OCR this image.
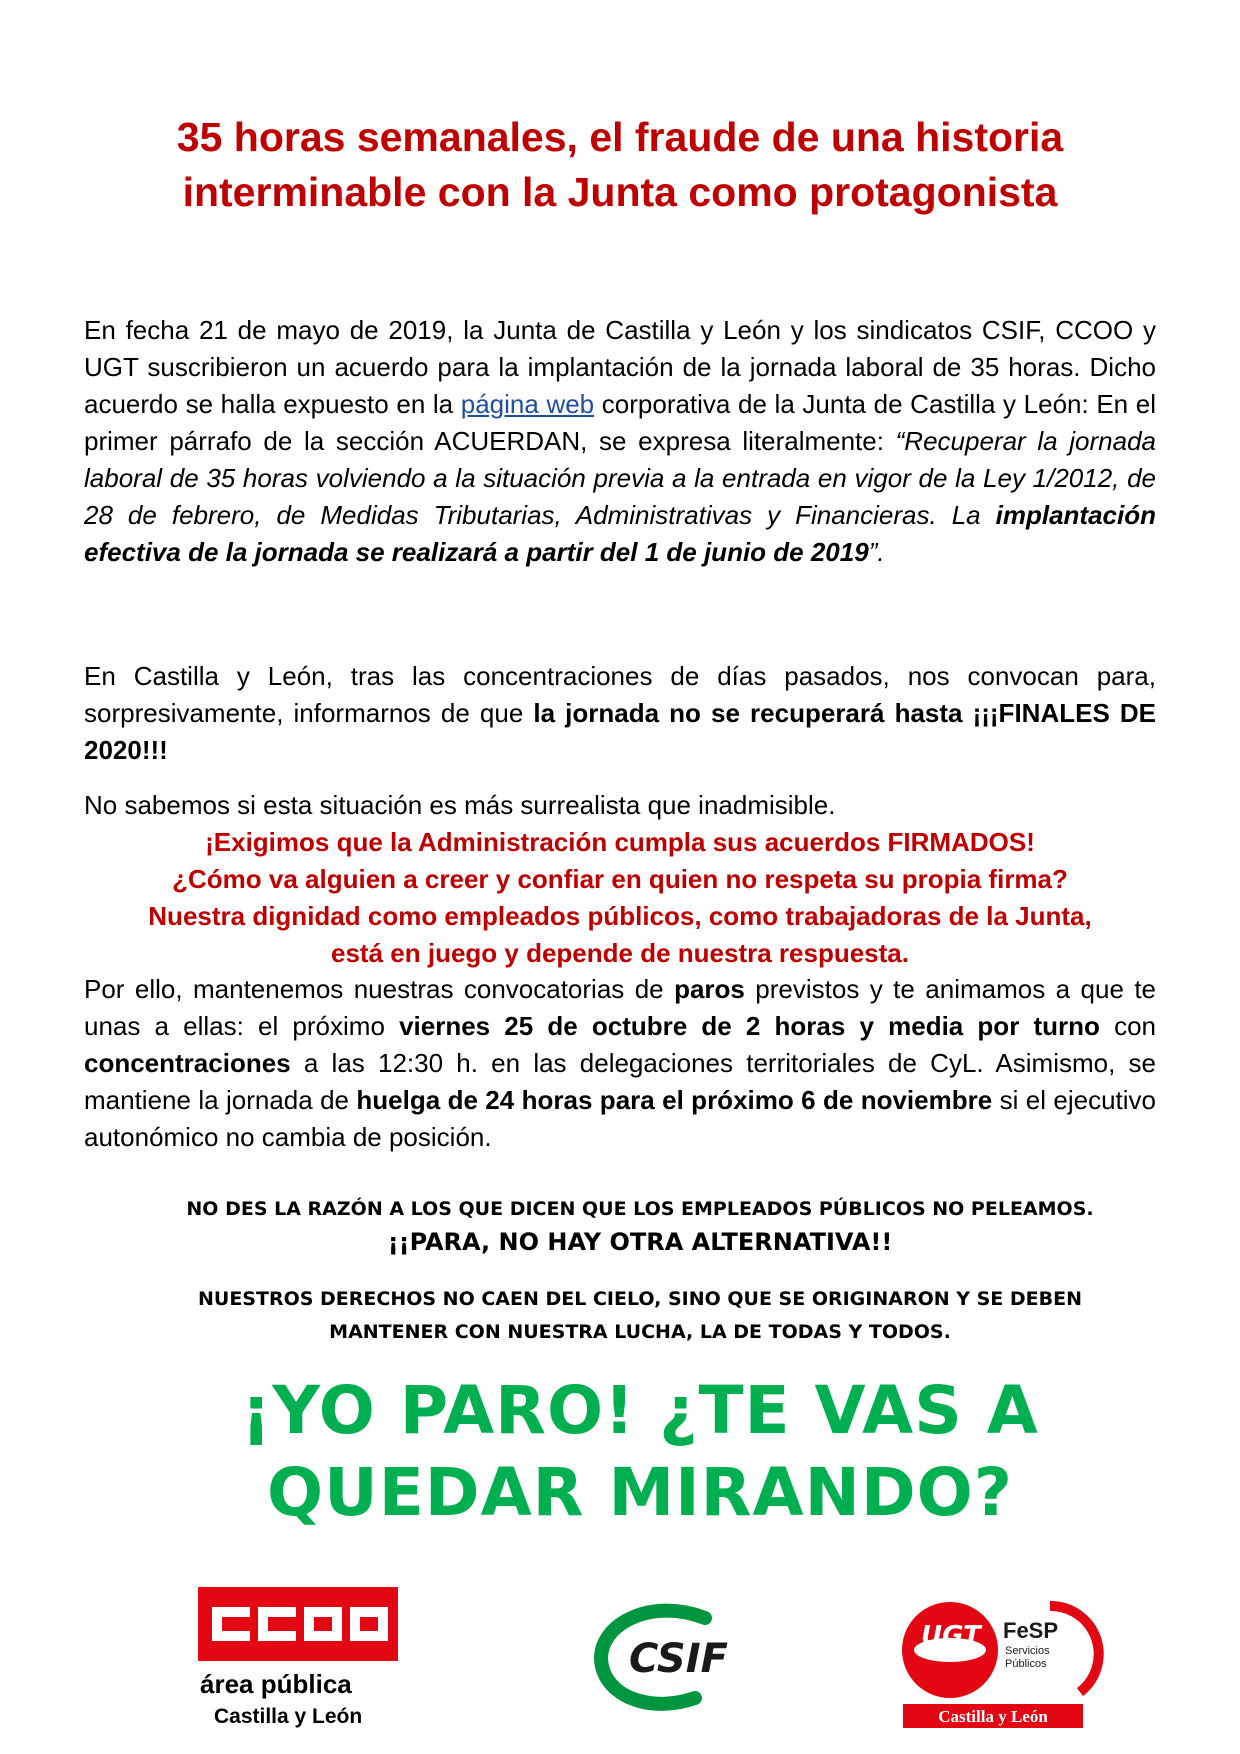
35 horas semanales, el fraude de una historia interminable con la Junta como protagonista

En fecha 21 de mayo de 2019, la Junta de Castilla y León y los sindicatos CSIF, CCOO y UGT suscribieron un acuerdo para la implantación de la jornada laboral de 35 horas. Dicho acuerdo se halla expuesto en la página web corporativa de la Junta de Castilla y León: En el primer párrafo de la sección ACUERDAN, se expresa literalmente: “Recuperar la jornada laboral de 35 horas volviendo a la situación previa a la entrada en vigor de la Ley 1/2012, de 28 de febrero, de Medidas Tributarias, Administrativas y Financieras. La implantación efectiva de la jornada se realizará a partir del 1 de junio de 2019”.

En Castilla y León, tras las concentraciones de días pasados, nos convocan para, sorpresivamente, informarnos de que la jornada no se recuperará hasta ¡¡¡FINALES DE 2020!!!

No sabemos si esta situación es más surrealista que inadmisible.

¡Exigimos que la Administración cumpla sus acuerdos FIRMADOS!

¿Cómo va alguien a creer y confiar en quien no respeta su propia firma?

Nuestra dignidad como empleados públicos, como trabajadoras de la Junta,

está en juego y depende de nuestra respuesta.

Por ello, mantenemos nuestras convocatorias de paros previstos y te animamos a que te unas a ellas: el próximo viernes 25 de octubre de 2 horas y media por turno con concentraciones a las 12:30 h. en las delegaciones territoriales de CyL. Asimismo, se mantiene la jornada de huelga de 24 horas para el próximo 6 de noviembre si el ejecutivo autonómico no cambia de posición.

NO DES LA RAZÓN A LOS QUE DICEN QUE LOS EMPLEADOS PÚBLICOS NO PELEAMOS. ¡¡PARA, NO HAY OTRA ALTERNATIVA!!

NUESTROS DERECHOS NO CAEN DEL CIELO, SINO QUE SE ORIGINARON Y SE DEBEN MANTENER CON NUESTRA LUCHA, LA DE TODAS Y TODOS.

¡YO PARO! ¿TE VAS A
QUEDAR MIRANDO?

área pública
Castilla y León
CSIF	UGT FeSP
Servicios
Públicos
Castilla y León
